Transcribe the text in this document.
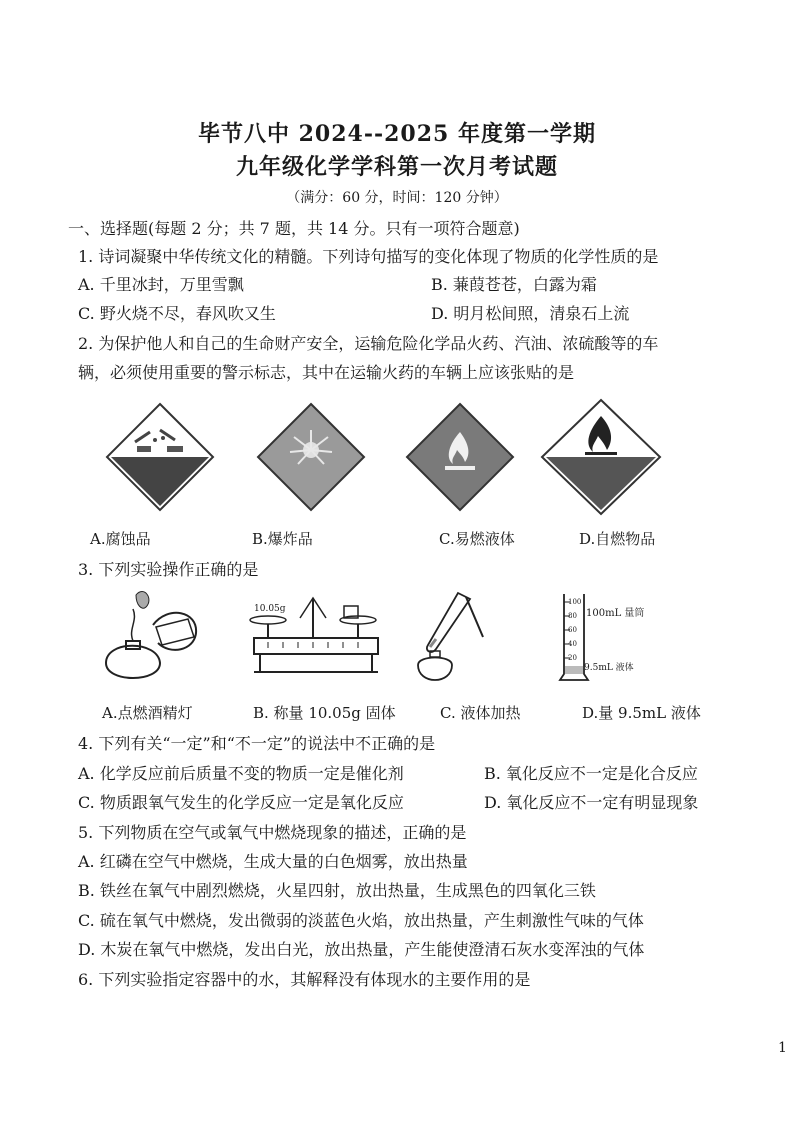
毕节八中 2024--2025 年度第一学期
九年级化学学科第一次月考试题
（满分：60 分，时间：120 分钟）
一、选择题(每题 2 分；共 7 题，共 14 分。只有一项符合题意)
1. 诗词凝聚中华传统文化的精髓。下列诗句描写的变化体现了物质的化学性质的是
A. 千里冰封，万里雪飘	B. 蒹葭苍苍，白露为霜
C. 野火烧不尽，春风吹又生	D. 明月松间照，清泉石上流
2. 为保护他人和自己的生命财产安全，运输危险化学品火药、汽油、浓硫酸等的车
辆，必须使用重要的警示标志，其中在运输火药的车辆上应该张贴的是
A.腐蚀品	B.爆炸品	C.易燃液体	D.自燃物品
3. 下列实验操作正确的是
10.05g
100
80
60
40
20
100mL 量筒
9.5mL 液体
A.点燃酒精灯	B. 称量 10.05g 固体	C. 液体加热	D.量 9.5mL 液体
4. 下列有关“一定”和“不一定”的说法中不正确的是
A. 化学反应前后质量不变的物质一定是催化剂	B. 氧化反应不一定是化合反应
C. 物质跟氧气发生的化学反应一定是氧化反应	D. 氧化反应不一定有明显现象
5. 下列物质在空气或氧气中燃烧现象的描述，正确的是
A. 红磷在空气中燃烧，生成大量的白色烟雾，放出热量
B. 铁丝在氧气中剧烈燃烧，火星四射，放出热量，生成黑色的四氧化三铁
C. 硫在氧气中燃烧，发出微弱的淡蓝色火焰，放出热量，产生刺激性气味的气体
D. 木炭在氧气中燃烧，发出白光，放出热量，产生能使澄清石灰水变浑浊的气体
6. 下列实验指定容器中的水，其解释没有体现水的主要作用的是
1
